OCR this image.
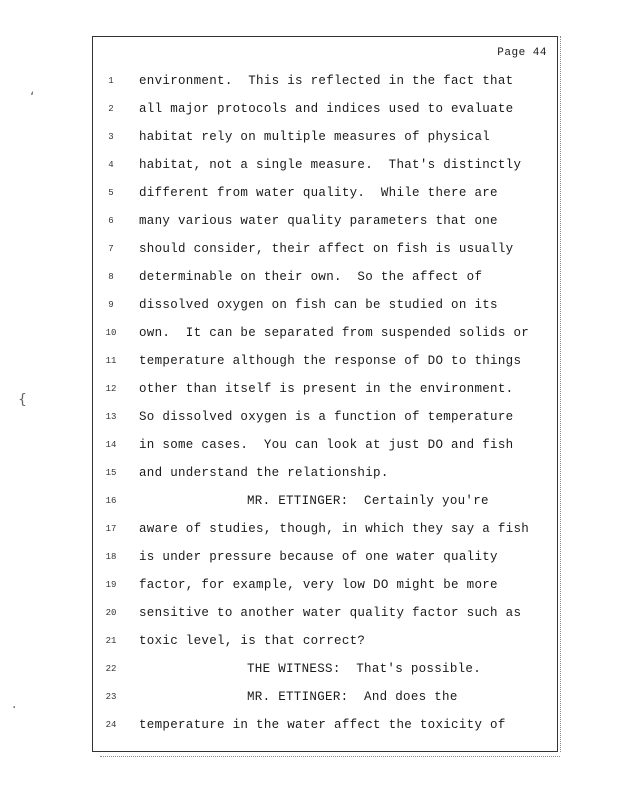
Page 44
1	environment.  This is reflected in the fact that
2	all major protocols and indices used to evaluate
3	habitat rely on multiple measures of physical
4	habitat, not a single measure.  That's distinctly
5	different from water quality.  While there are
6	many various water quality parameters that one
7	should consider, their affect on fish is usually
8	determinable on their own.  So the affect of
9	dissolved oxygen on fish can be studied on its
10	own.  It can be separated from suspended solids or
11	temperature although the response of DO to things
12	other than itself is present in the environment.
13	So dissolved oxygen is a function of temperature
14	in some cases.  You can look at just DO and fish
15	and understand the relationship.
16	MR. ETTINGER:  Certainly you're
17	aware of studies, though, in which they say a fish
18	is under pressure because of one water quality
19	factor, for example, very low DO might be more
20	sensitive to another water quality factor such as
21	toxic level, is that correct?
22	THE WITNESS:  That's possible.
23	MR. ETTINGER:  And does the
24	temperature in the water affect the toxicity of
‘
{
·
